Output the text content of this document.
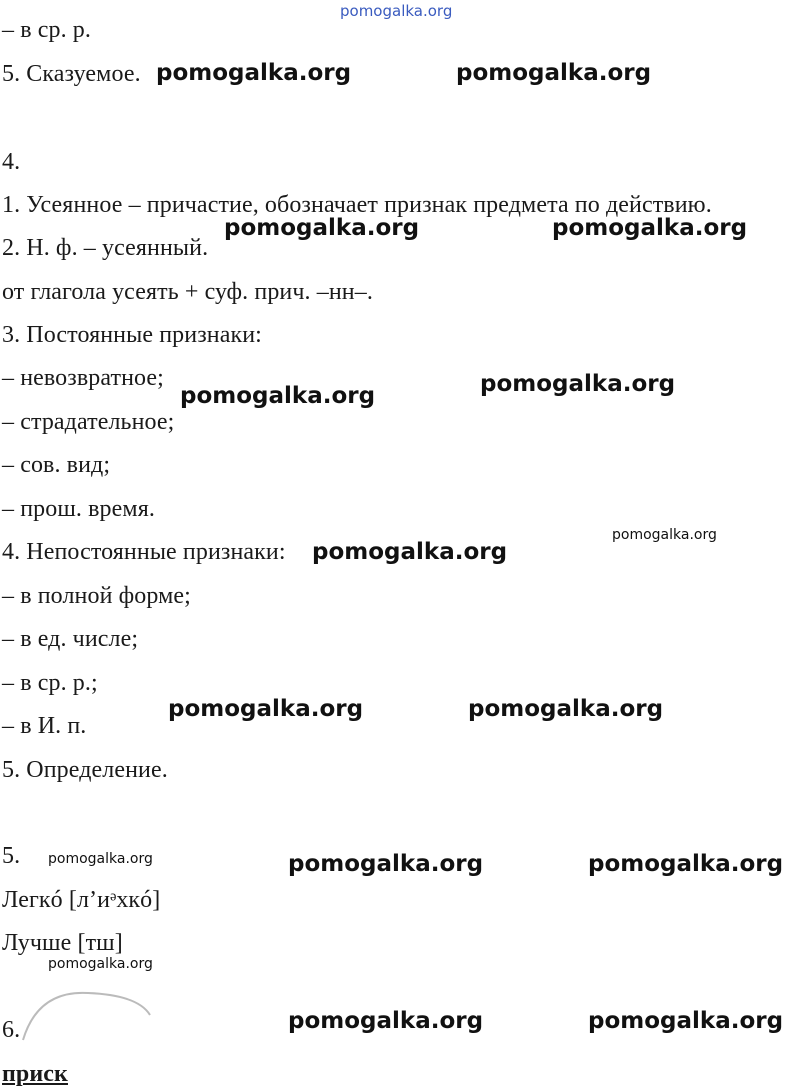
pomogalka.org
– в ср. р.
5. Сказуемое.
4.
1. Усеянное – причастие, обозначает признак предмета по действию.
2. Н. ф. – усеянный.
от глагола усеять + суф. прич. –нн–.
3. Постоянные признаки:
– невозвратное;
– страдательное;
– сов. вид;
– прош. время.
4. Непостоянные признаки:
– в полной форме;
– в ед. числе;
– в ср. р.;
– в И. п.
5. Определение.
5.
Легкó [л’иᵊхкó]
Лучше [тш]
6.
приск
pomogalka.org	pomogalka.org
pomogalka.org	pomogalka.org
pomogalka.org	pomogalka.org
pomogalka.org
pomogalka.org
pomogalka.org	pomogalka.org
pomogalka.org	pomogalka.org	pomogalka.org
pomogalka.org
pomogalka.org	pomogalka.org
